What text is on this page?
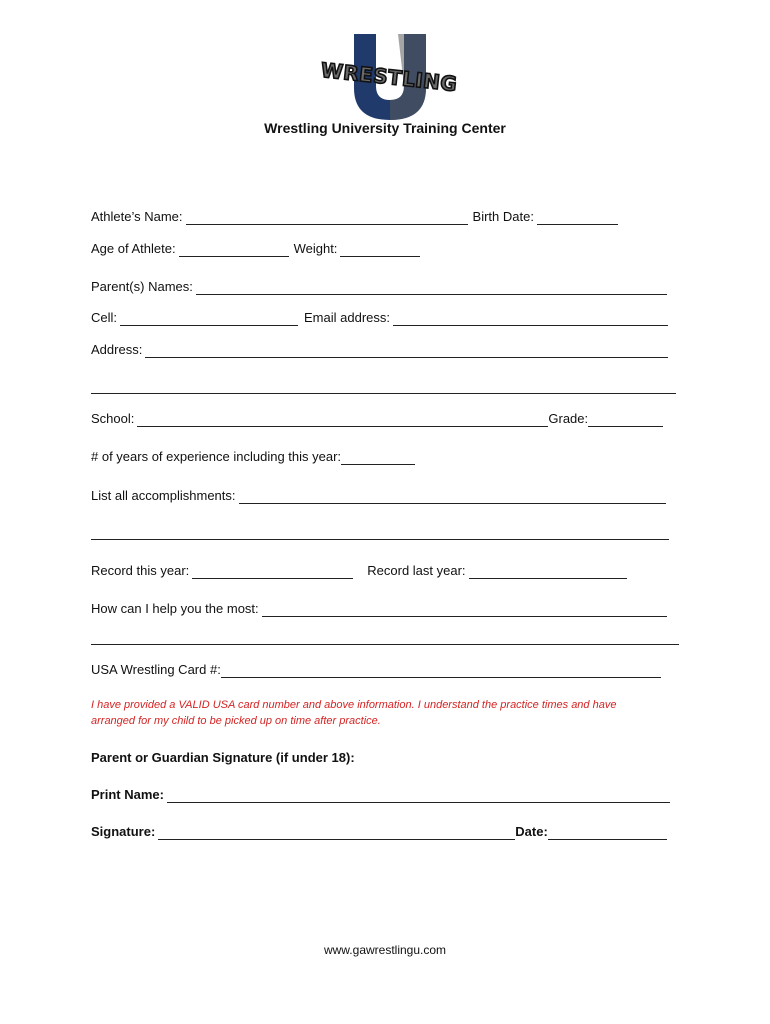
WRESTLING
Wrestling University Training Center
Athlete’s Name:	Birth Date:
Age of Athlete:	Weight:
Parent(s) Names:
Cell:	Email address:
Address:
School:	Grade:
# of years of experience including this year:
List all accomplishments:
Record this year:	Record last year:
How can I help you the most:
USA Wrestling Card #:
I have provided a VALID USA card number and above information. I understand the practice times and have arranged for my child to be picked up on time after practice.
Parent or Guardian Signature (if under 18):
Print Name:
Signature:	Date:
www.gawrestlingu.com
